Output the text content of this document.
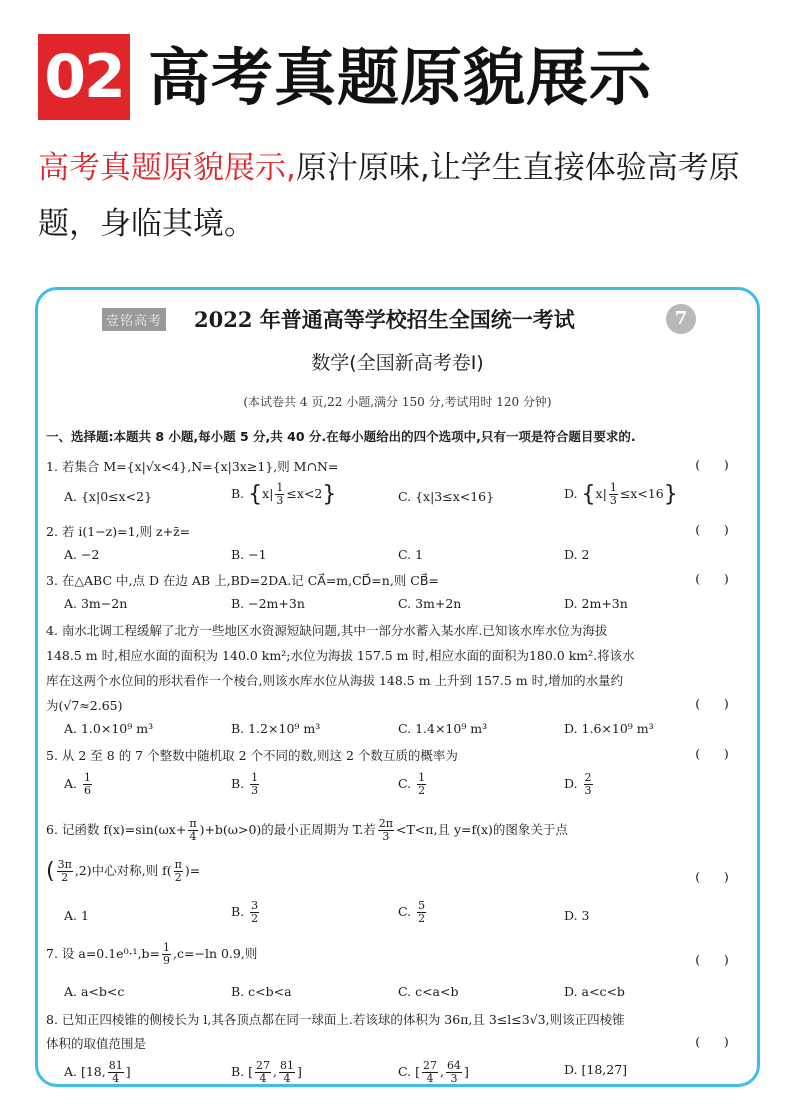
02 高考真题原貌展示
高考真题原貌展示,原汁原味,让学生直接体验高考原
题，身临其境。
壹铭高考 2022 年普通高等学校招生全国统一考试	7
数学(全国新高考卷Ⅰ)
(本试卷共 4 页,22 小题,满分 150 分,考试用时 120 分钟)
一、选择题:本题共 8 小题,每小题 5 分,共 40 分.在每小题给出的四个选项中,只有一项是符合题目要求的.
1. 若集合 M={x|√x<4},N={x|3x≥1},则 M∩N=	(      )
A. {x|0≤x<2}	B. $\{x| \frac{1}{3} \le x<2\}$	C. {x|3≤x<16}	D. $\{x| \frac{1}{3} \le x<16\}$
2. 若 i(1−z)=1,则 z+z̄=	(      )
A. −2	B. −1	C. 1	D. 2
3. 在△ABC 中,点 D 在边 AB 上,BD=2DA.记 CA⃗=m,CD⃗=n,则 CB⃗=	(      )
A. 3m−2n	B. −2m+3n	C. 3m+2n	D. 2m+3n
4. 南水北调工程缓解了北方一些地区水资源短缺问题,其中一部分水蓄入某水库.已知该水库水位为海拔
148.5 m 时,相应水面的面积为 140.0 km²;水位为海拔 157.5 m 时,相应水面的面积为180.0 km².将该水
库在这两个水位间的形状看作一个棱台,则该水库水位从海拔 148.5 m 上升到 157.5 m 时,增加的水量约
为(√7≈2.65)	(      )
A. 1.0×10⁹ m³	B. 1.2×10⁹ m³	C. 1.4×10⁹ m³	D. 1.6×10⁹ m³
5. 从 2 至 8 的 7 个整数中随机取 2 个不同的数,则这 2 个数互质的概率为	(      )
A. $\frac{1}{6}$	B. $\frac{1}{3}$	C. $\frac{1}{2}$	D. $\frac{2}{3}$
6. 记函数 $f(x)=\sin(\omega x+ \frac{\pi}{4} )+b(\omega>0)$的最小正周期为 T.若 $\frac{2\pi}{3} <T<\pi$,且 y=f(x)的图象关于点
( $\frac{3\pi}{2} ,2$)中心对称,则 $f( \frac{\pi}{2}$ )=	(      )
A. 1	B. $\frac{3}{2}$	C. $\frac{5}{2}$	D. 3
7. 设 $a=0.1e^0\cdot^1,b= \frac{1}{9} ,c=-\ln$ 0.9,则	(      )
A. a<b<c	B. c<b<a	C. c<a<b	D. a<c<b
8. 已知正四棱锥的侧棱长为 l,其各顶点都在同一球面上.若该球的体积为 36π,且 3≤l≤3√3,则该正四棱锥
体积的取值范围是	(      )
A. [18, $\frac{81}{4}$ ]	B. [ $\frac{27}{4}$ , $\frac{81}{4}$ ]	C. [ $\frac{27}{4}$ , $\frac{64}{3}$ ]	D. [18,27]
